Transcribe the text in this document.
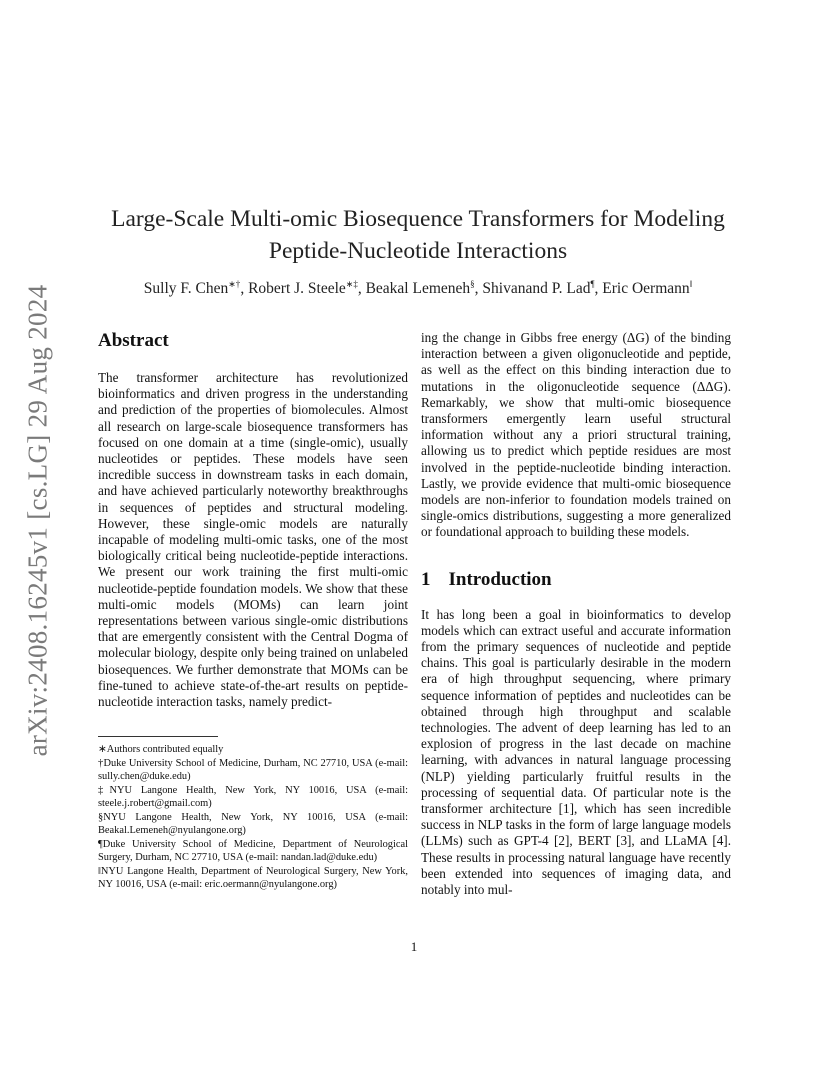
arXiv:2408.16245v1 [cs.LG] 29 Aug 2024
Large-Scale Multi-omic Biosequence Transformers for Modeling
Peptide-Nucleotide Interactions
Sully F. Chen∗†, Robert J. Steele∗‡, Beakal Lemeneh§, Shivanand P. Lad¶, Eric Oermann‖
Abstract

The transformer architecture has revolutionized bioinformatics and driven progress in the understanding and prediction of the properties of biomolecules. Almost all research on large-scale biosequence transformers has focused on one domain at a time (single-omic), usually nucleotides or peptides. These models have seen incredible success in downstream tasks in each domain, and have achieved particularly noteworthy breakthroughs in sequences of peptides and structural modeling. However, these single-omic models are naturally incapable of modeling multi-omic tasks, one of the most biologically critical being nucleotide-peptide interactions. We present our work training the first multi-omic nucleotide-peptide foundation models. We show that these multi-omic models (MOMs) can learn joint representations between various single-omic distributions that are emergently consistent with the Central Dogma of molecular biology, despite only being trained on unlabeled biosequences. We further demonstrate that MOMs can be fine-tuned to achieve state-of-the-art results on peptide-nucleotide interaction tasks, namely predict-

∗Authors contributed equally

†Duke University School of Medicine, Durham, NC 27710, USA (e-mail: sully.chen@duke.edu)

‡NYU Langone Health, New York, NY 10016, USA (e-mail: steele.j.robert@gmail.com)

§NYU Langone Health, New York, NY 10016, USA (e-mail: Beakal.Lemeneh@nyulangone.org)

¶Duke University School of Medicine, Department of Neurological Surgery, Durham, NC 27710, USA (e-mail: nandan.lad@duke.edu)

‖NYU Langone Health, Department of Neurological Surgery, New York, NY 10016, USA (e-mail: eric.oermann@nyulangone.org)

ing the change in Gibbs free energy (ΔG) of the binding interaction between a given oligonucleotide and peptide, as well as the effect on this binding interaction due to mutations in the oligonucleotide sequence (ΔΔG). Remarkably, we show that multi-omic biosequence transformers emergently learn useful structural information without any a priori structural training, allowing us to predict which peptide residues are most involved in the peptide-nucleotide binding interaction. Lastly, we provide evidence that multi-omic biosequence models are non-inferior to foundation models trained on single-omics distributions, suggesting a more generalized or foundational approach to building these models.

1 Introduction

It has long been a goal in bioinformatics to develop models which can extract useful and accurate information from the primary sequences of nucleotide and peptide chains. This goal is particularly desirable in the modern era of high throughput sequencing, where primary sequence information of peptides and nucleotides can be obtained through high throughput and scalable technologies. The advent of deep learning has led to an explosion of progress in the last decade on machine learning, with advances in natural language processing (NLP) yielding particularly fruitful results in the processing of sequential data. Of particular note is the transformer architecture [1], which has seen incredible success in NLP tasks in the form of large language models (LLMs) such as GPT-4 [2], BERT [3], and LLaMA [4]. These results in processing natural language have recently been extended into sequences of imaging data, and notably into mul-

1
